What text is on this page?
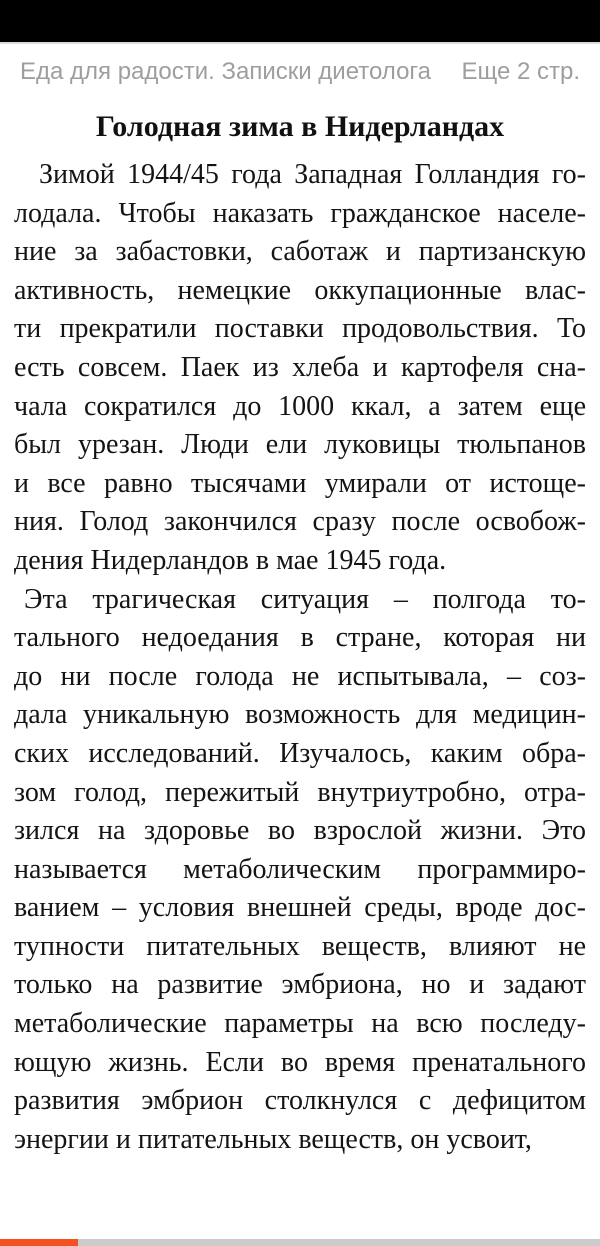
Еда для радости. Записки диетолога Еще 2 стр.
Голодная зима в Нидерландах
Зимой 1944/45 года Западная Голландия го-
лодала. Чтобы наказать гражданское населе-
ние за забастовки, саботаж и партизанскую
активность, немецкие оккупационные влас-
ти прекратили поставки продовольствия. То
есть совсем. Паек из хлеба и картофеля сна-
чала сократился до 1000 ккал, а затем еще
был урезан. Люди ели луковицы тюльпанов
и все равно тысячами умирали от истоще-
ния. Голод закончился сразу после освобож-
дения Нидерландов в мае 1945 года.
Эта трагическая ситуация – полгода то-
тального недоедания в стране, которая ни
до ни после голода не испытывала, – соз-
дала уникальную возможность для медицин-
ских исследований. Изучалось, каким обра-
зом голод, пережитый внутриутробно, отра-
зился на здоровье во взрослой жизни. Это
называется метаболическим программиро-
ванием – условия внешней среды, вроде дос-
тупности питательных веществ, влияют не
только на развитие эмбриона, но и задают
метаболические параметры на всю последу-
ющую жизнь. Если во время пренатального
развития эмбрион столкнулся с дефицитом
энергии и питательных веществ, он усвоит,
